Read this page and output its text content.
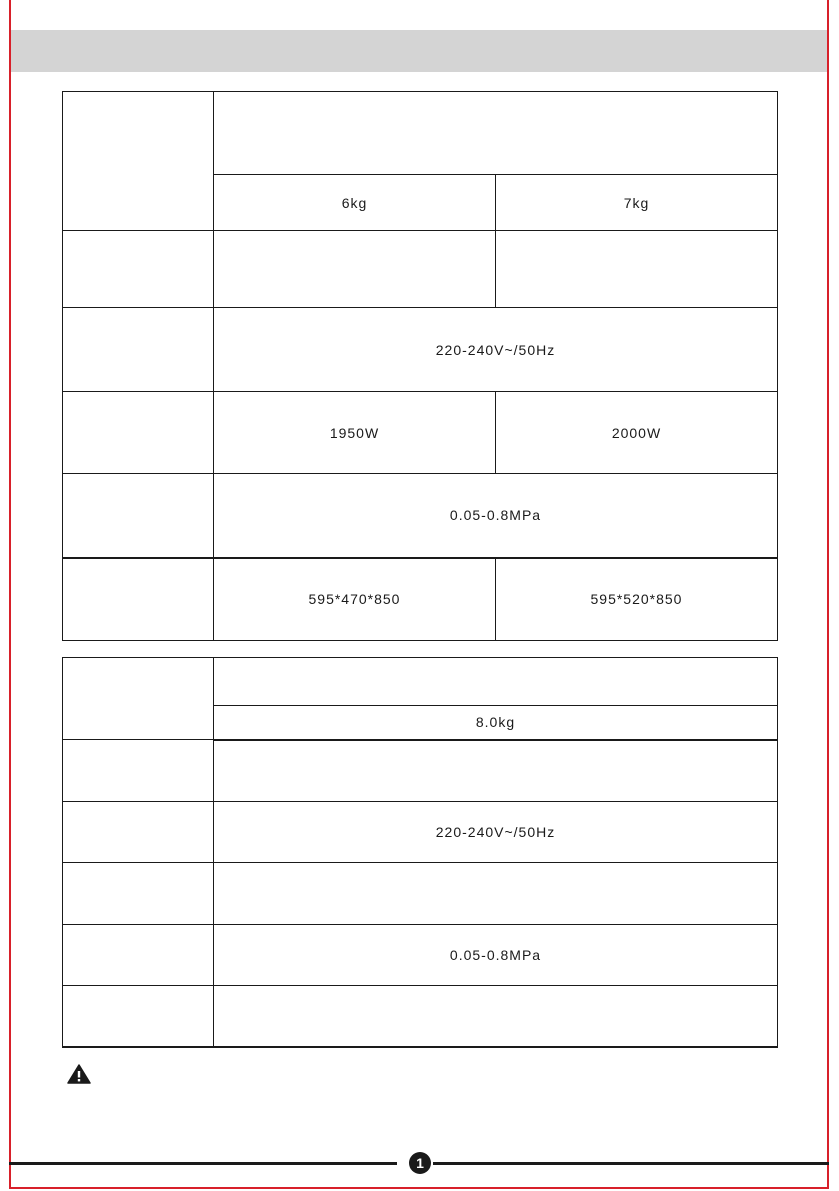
	6kg	7kg

	220-240V~/50Hz	
	1950W	2000W
	0.05-0.8MPa	
	595*470*850	595*520*850

	8.0kg

	220-240V~/50Hz

	0.05-0.8MPa

1
